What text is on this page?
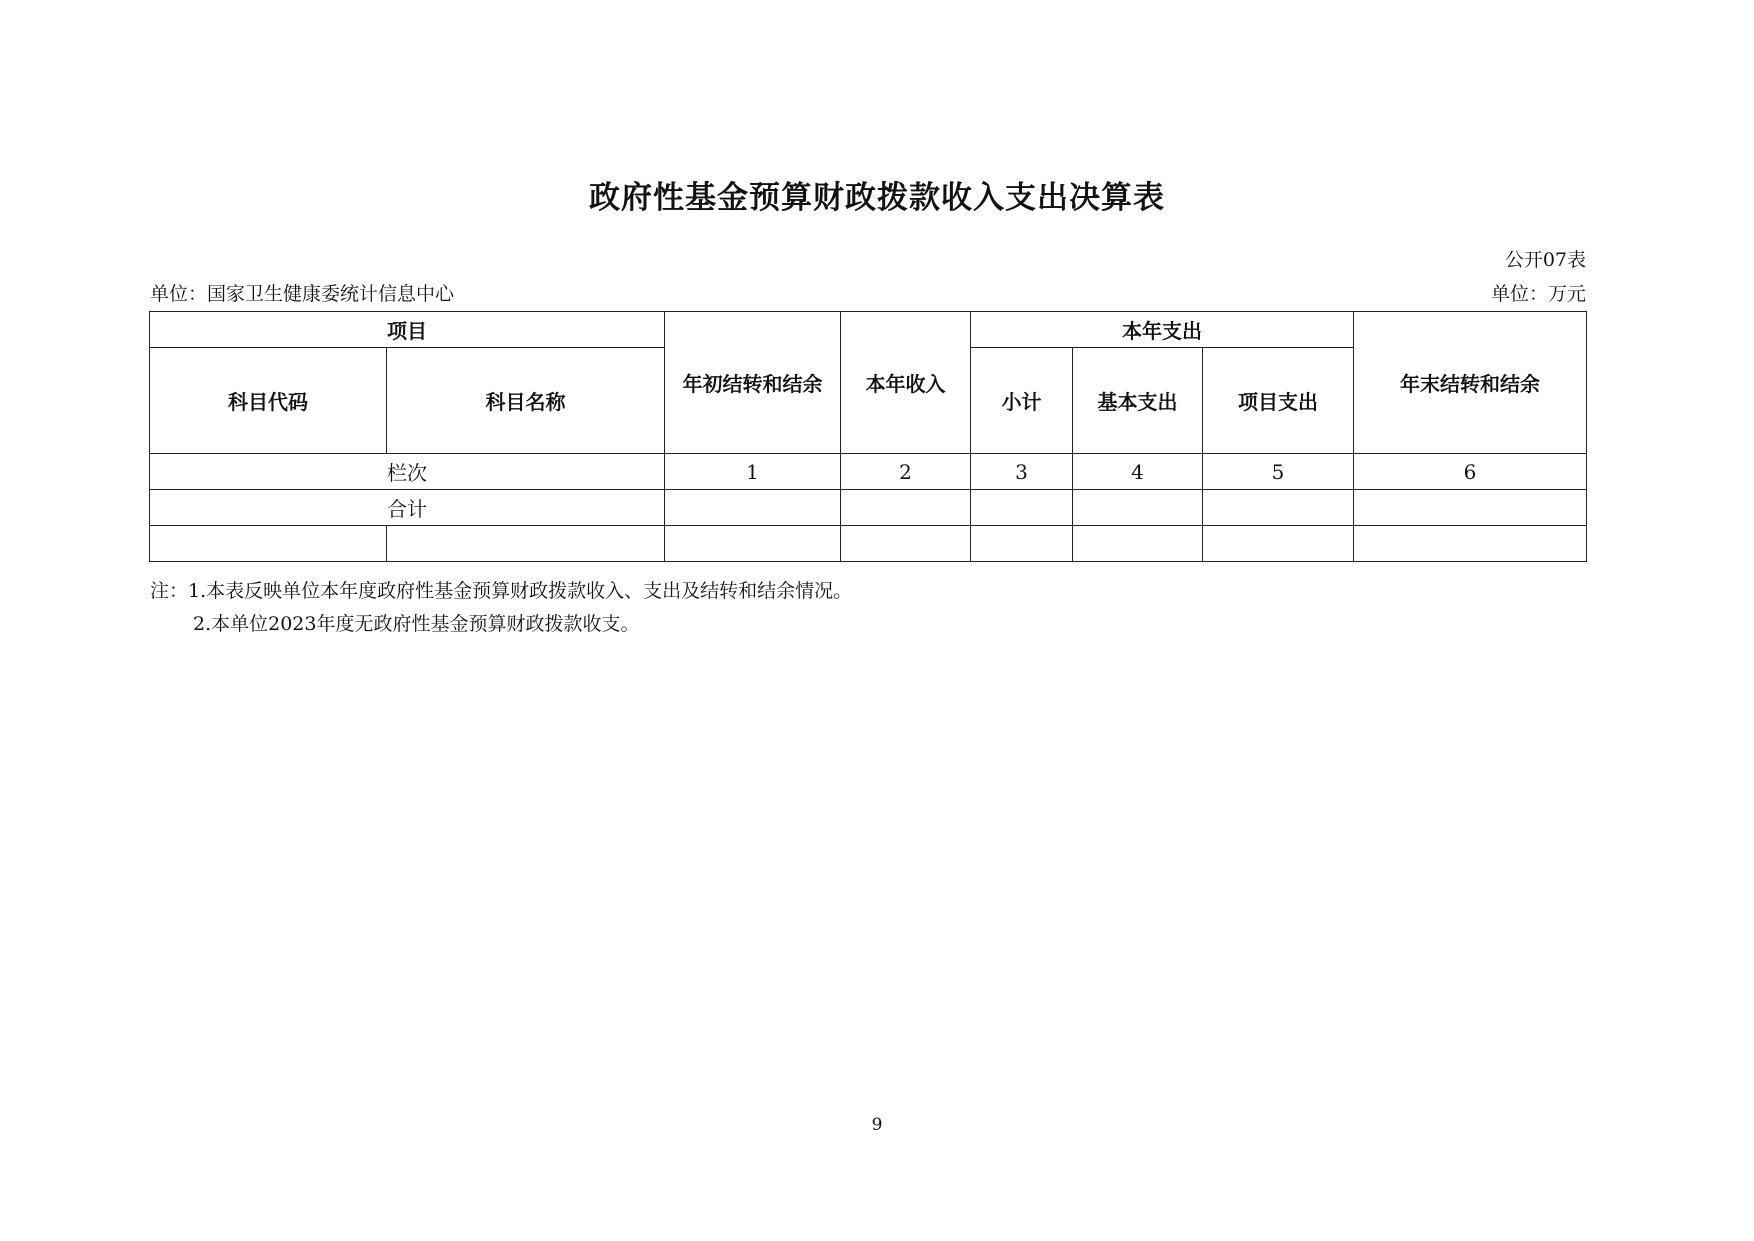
政府性基金预算财政拨款收入支出决算表
公开07表
单位：国家卫生健康委统计信息中心	单位：万元
项目		年初结转和结余	本年收入	本年支出			年末结转和结余
科目代码	科目名称			小计	基本支出	项目支出	
栏次		1	2	3	4	5	6
合计							

注：1.本表反映单位本年度政府性基金预算财政拨款收入、支出及结转和结余情况。
2.本单位2023年度无政府性基金预算财政拨款收支。
9
